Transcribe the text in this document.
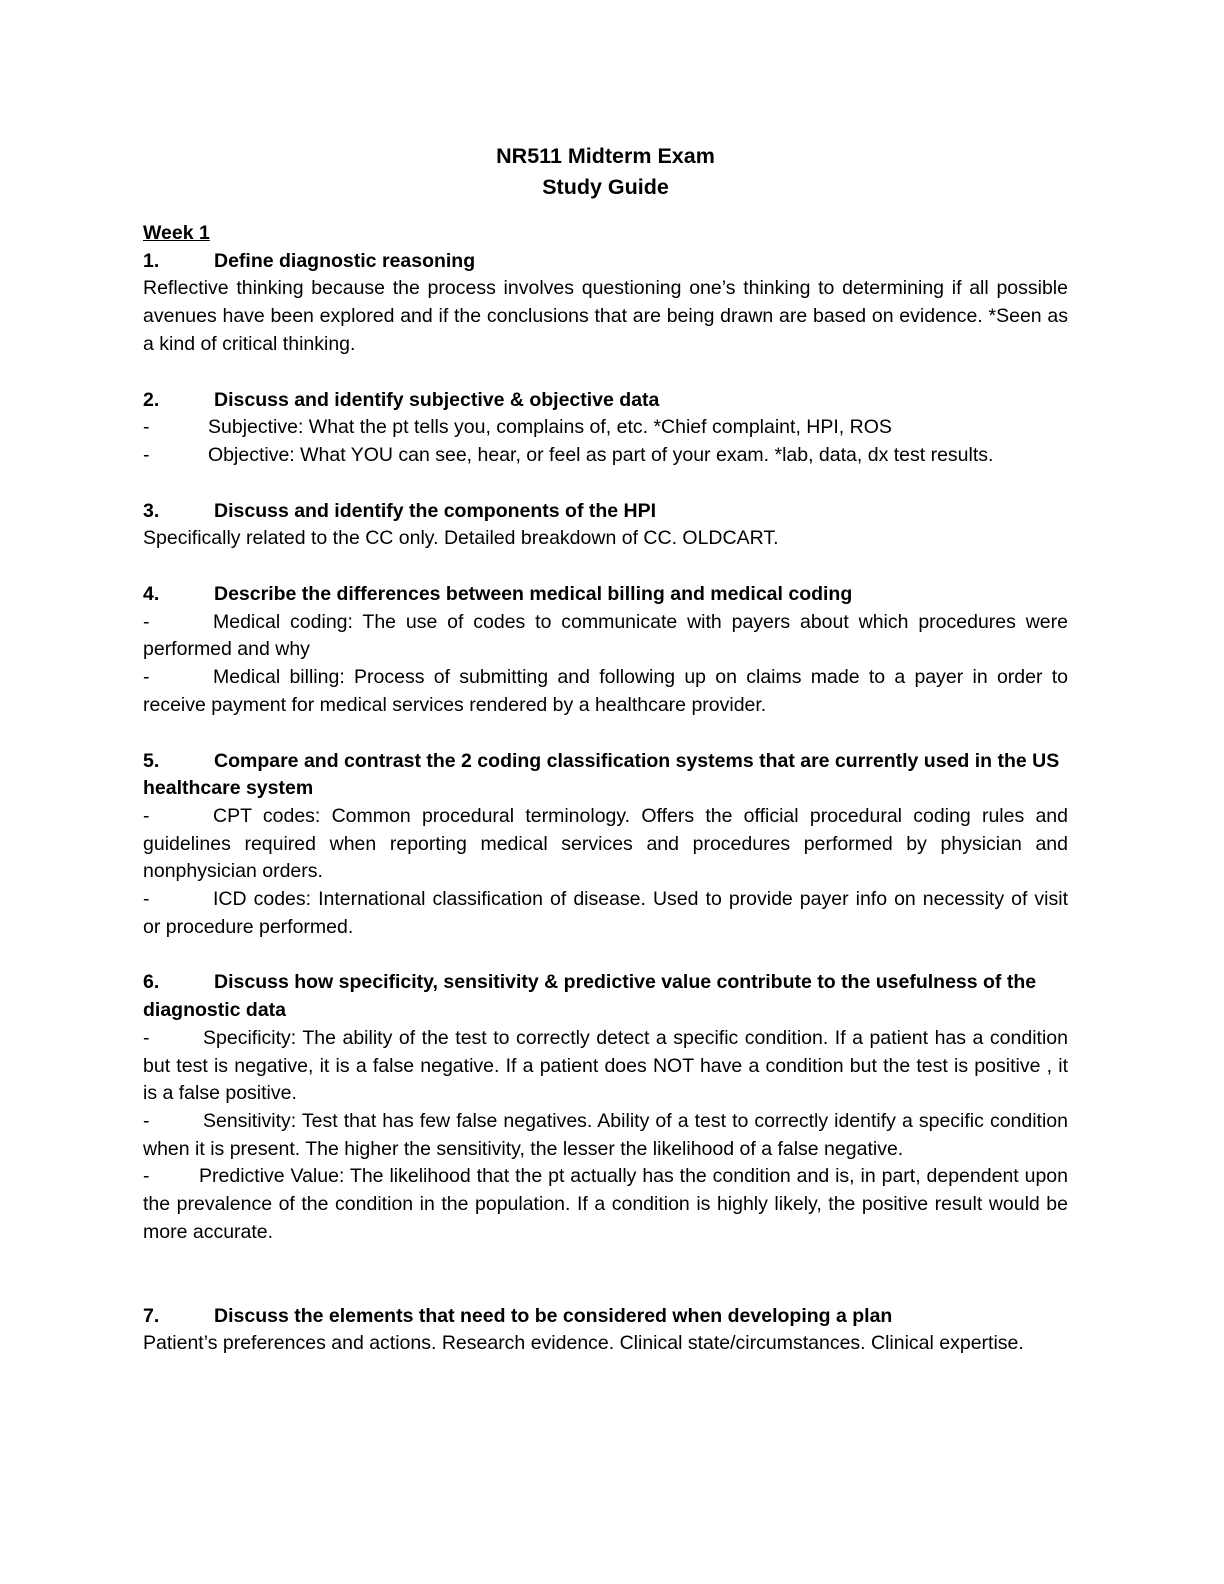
NR511 Midterm Exam
Study Guide
Week 1
1.	Define diagnostic reasoning
Reflective thinking because the process involves questioning one’s thinking to determining if all possible avenues have been explored and if the conclusions that are being drawn are based on evidence. *Seen as a kind of critical thinking.
2.	Discuss and identify subjective & objective data
-	Subjective: What the pt tells you, complains of, etc. *Chief complaint, HPI, ROS
-	Objective: What YOU can see, hear, or feel as part of your exam. *lab, data, dx test results.
3.	Discuss and identify the components of the HPI
Specifically related to the CC only. Detailed breakdown of CC. OLDCART.
4.	Describe the differences between medical billing and medical coding
-	Medical coding: The use of codes to communicate with payers about which procedures were performed and why
-	Medical billing: Process of submitting and following up on claims made to a payer in order to receive payment for medical services rendered by a healthcare provider.
5.	Compare and contrast the 2 coding classification systems that are currently used in the US healthcare system
-	CPT codes: Common procedural terminology. Offers the official procedural coding rules and guidelines required when reporting medical services and procedures performed by physician and nonphysician orders.
-	ICD codes: International classification of disease. Used to provide payer info on necessity of visit or procedure performed.
6.	Discuss how specificity, sensitivity & predictive value contribute to the usefulness of the diagnostic data
-	Specificity: The ability of the test to correctly detect a specific condition. If a patient has a condition but test is negative, it is a false negative. If a patient does NOT have a condition but the test is positive , it is a false positive.
-	Sensitivity: Test that has few false negatives. Ability of a test to correctly identify a specific condition when it is present. The higher the sensitivity, the lesser the likelihood of a false negative.
-	Predictive Value: The likelihood that the pt actually has the condition and is, in part, dependent upon the prevalence of the condition in the population. If a condition is highly likely, the positive result would be more accurate.
7.	Discuss the elements that need to be considered when developing a plan
Patient’s preferences and actions. Research evidence. Clinical state/circumstances. Clinical expertise.
